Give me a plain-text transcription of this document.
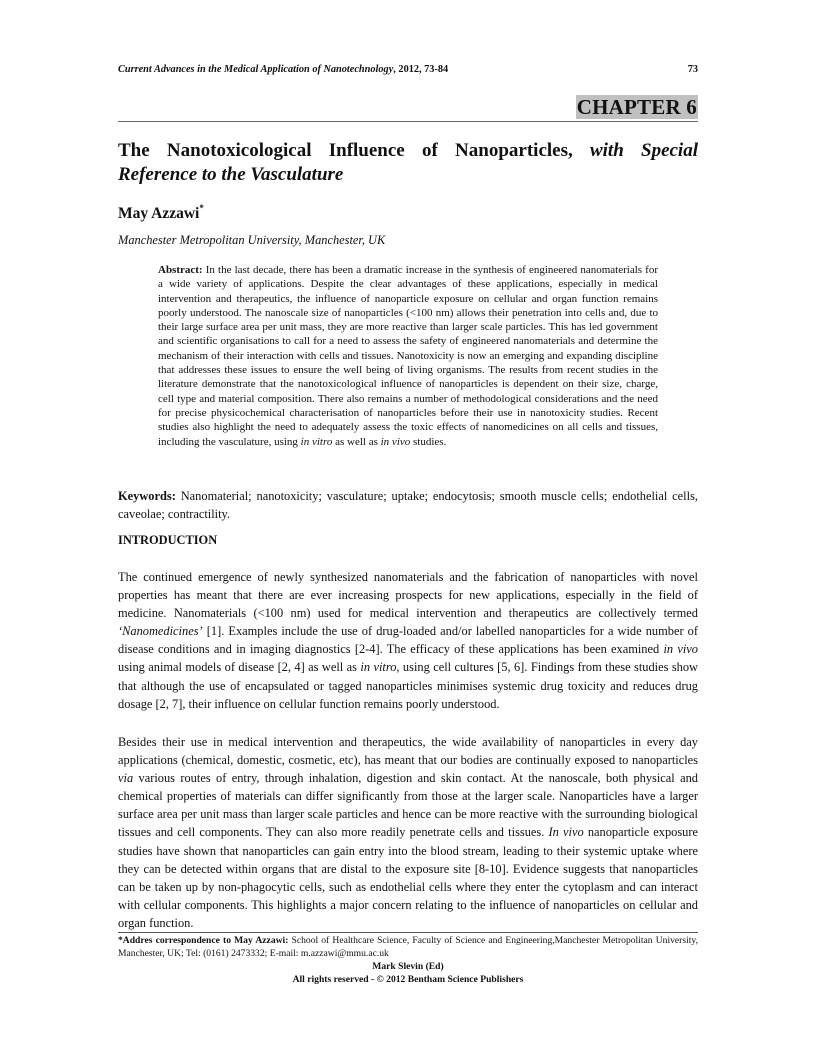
Current Advances in the Medical Application of Nanotechnology, 2012, 73-84	73
CHAPTER 6
The Nanotoxicological Influence of Nanoparticles, with Special
Reference to the Vasculature
May Azzawi*
Manchester Metropolitan University, Manchester, UK
Abstract: In the last decade, there has been a dramatic increase in the synthesis of engineered nanomaterials for a wide variety of applications. Despite the clear advantages of these applications, especially in medical intervention and therapeutics, the influence of nanoparticle exposure on cellular and organ function remains poorly understood. The nanoscale size of nanoparticles (<100 nm) allows their penetration into cells and, due to their large surface area per unit mass, they are more reactive than larger scale particles. This has led government and scientific organisations to call for a need to assess the safety of engineered nanomaterials and determine the mechanism of their interaction with cells and tissues. Nanotoxicity is now an emerging and expanding discipline that addresses these issues to ensure the well being of living organisms. The results from recent studies in the literature demonstrate that the nanotoxicological influence of nanoparticles is dependent on their size, charge, cell type and material composition. There also remains a number of methodological considerations and the need for precise physicochemical characterisation of nanoparticles before their use in nanotoxicity studies. Recent studies also highlight the need to adequately assess the toxic effects of nanomedicines on all cells and tissues, including the vasculature, using in vitro as well as in vivo studies.
Keywords: Nanomaterial; nanotoxicity; vasculature; uptake; endocytosis; smooth muscle cells; endothelial cells, caveolae; contractility.
INTRODUCTION
The continued emergence of newly synthesized nanomaterials and the fabrication of nanoparticles with novel properties has meant that there are ever increasing prospects for new applications, especially in the field of medicine. Nanomaterials (<100 nm) used for medical intervention and therapeutics are collectively termed ‘Nanomedicines’ [1]. Examples include the use of drug-loaded and/or labelled nanoparticles for a wide number of disease conditions and in imaging diagnostics [2-4]. The efficacy of these applications has been examined in vivo using animal models of disease [2, 4] as well as in vitro, using cell cultures [5, 6]. Findings from these studies show that although the use of encapsulated or tagged nanoparticles minimises systemic drug toxicity and reduces drug dosage [2, 7], their influence on cellular function remains poorly understood.
Besides their use in medical intervention and therapeutics, the wide availability of nanoparticles in every day applications (chemical, domestic, cosmetic, etc), has meant that our bodies are continually exposed to nanoparticles via various routes of entry, through inhalation, digestion and skin contact. At the nanoscale, both physical and chemical properties of materials can differ significantly from those at the larger scale. Nanoparticles have a larger surface area per unit mass than larger scale particles and hence can be more reactive with the surrounding biological tissues and cell components. They can also more readily penetrate cells and tissues. In vivo nanoparticle exposure studies have shown that nanoparticles can gain entry into the blood stream, leading to their systemic uptake where they can be detected within organs that are distal to the exposure site [8-10]. Evidence suggests that nanoparticles can be taken up by non-phagocytic cells, such as endothelial cells where they enter the cytoplasm and can interact with cellular components. This highlights a major concern relating to the influence of nanoparticles on cellular and organ function.
*Addres correspondence to May Azzawi: School of Healthcare Science, Faculty of Science and Engineering,Manchester Metropolitan University, Manchester, UK; Tel: (0161) 2473332; E-mail: m.azzawi@mmu.ac.uk
Mark Slevin (Ed)
All rights reserved - © 2012 Bentham Science Publishers
